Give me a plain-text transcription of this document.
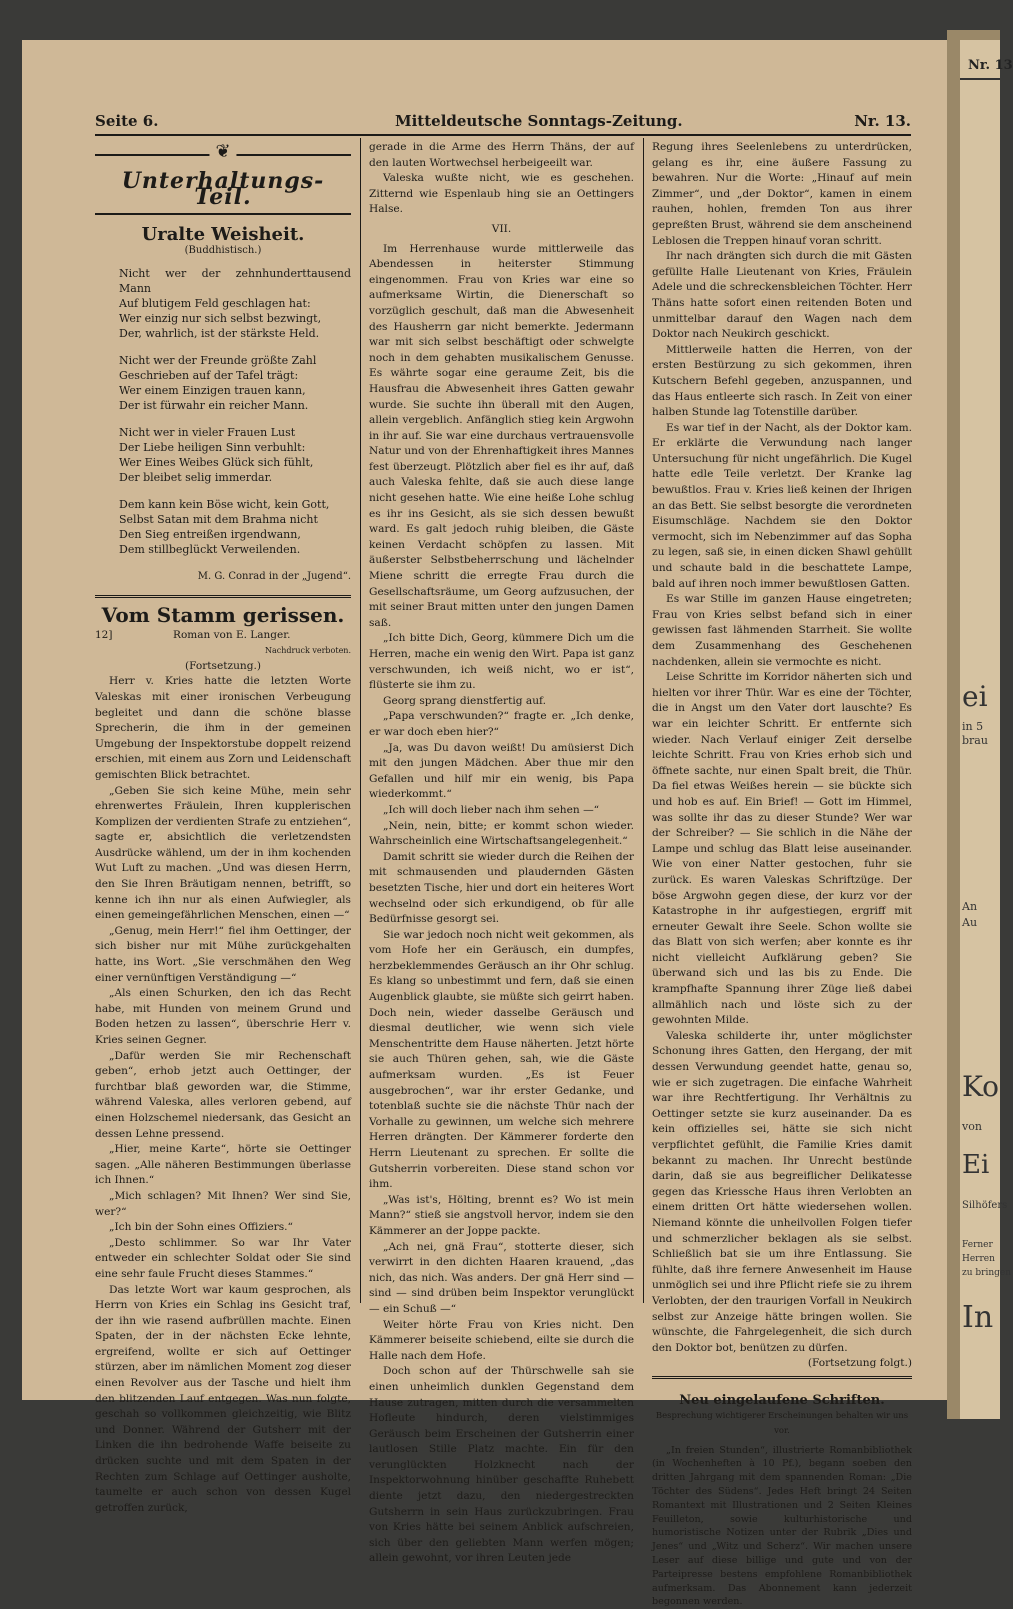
Nr. 13
ei
in 5
brau
An
Au
Ko
von
Ei
Silhöfers
Ferner
Herren
zu bringen
In
Seite 6.	Mitteldeutsche Sonntags-Zeitung.	Nr. 13.
❦
Unterhaltungs-Teil.
Uralte Weisheit.
(Buddhistisch.)
Nicht wer der zehnhunderttausend Mann
Auf blutigem Feld geschlagen hat:
Wer einzig nur sich selbst bezwingt,
Der, wahrlich, ist der stärkste Held.
Nicht wer der Freunde größte Zahl
Geschrieben auf der Tafel trägt:
Wer einem Einzigen trauen kann,
Der ist fürwahr ein reicher Mann.
Nicht wer in vieler Frauen Lust
Der Liebe heiligen Sinn verbuhlt:
Wer Eines Weibes Glück sich fühlt,
Der bleibet selig immerdar.
Dem kann kein Böse wicht, kein Gott,
Selbst Satan mit dem Brahma nicht
Den Sieg entreißen irgendwann,
Dem stillbeglückt Verweilenden.
M. G. Conrad in der „Jugend“.
Vom Stamm gerissen.
12]	Roman von E. Langer.
Nachdruck verboten.
(Fortsetzung.)

Herr v. Kries hatte die letzten Worte Valeskas mit einer ironischen Verbeugung begleitet und dann die schöne blasse Sprecherin, die ihm in der gemeinen Umgebung der Inspektorstube doppelt reizend erschien, mit einem aus Zorn und Leidenschaft gemischten Blick betrachtet.

„Geben Sie sich keine Mühe, mein sehr ehrenwertes Fräulein, Ihren kupplerischen Komplizen der verdienten Strafe zu entziehen“, sagte er, absichtlich die verletzendsten Ausdrücke wählend, um der in ihm kochenden Wut Luft zu machen. „Und was diesen Herrn, den Sie Ihren Bräutigam nennen, betrifft, so kenne ich ihn nur als einen Aufwiegler, als einen gemeingefährlichen Menschen, einen —“

„Genug, mein Herr!“ fiel ihm Oettinger, der sich bisher nur mit Mühe zurückgehalten hatte, ins Wort. „Sie verschmähen den Weg einer vernünftigen Verständigung —“

„Als einen Schurken, den ich das Recht habe, mit Hunden von meinem Grund und Boden hetzen zu lassen“, überschrie Herr v. Kries seinen Gegner.

„Dafür werden Sie mir Rechenschaft geben“, erhob jetzt auch Oettinger, der furchtbar blaß geworden war, die Stimme, während Valeska, alles verloren gebend, auf einen Holzschemel niedersank, das Gesicht an dessen Lehne pressend.

„Hier, meine Karte“, hörte sie Oettinger sagen. „Alle näheren Bestimmungen überlasse ich Ihnen.“

„Mich schlagen? Mit Ihnen? Wer sind Sie, wer?“

„Ich bin der Sohn eines Offiziers.“

„Desto schlimmer. So war Ihr Vater entweder ein schlechter Soldat oder Sie sind eine sehr faule Frucht dieses Stammes.“

Das letzte Wort war kaum gesprochen, als Herrn von Kries ein Schlag ins Gesicht traf, der ihn wie rasend aufbrüllen machte. Einen Spaten, der in der nächsten Ecke lehnte, ergreifend, wollte er sich auf Oettinger stürzen, aber im nämlichen Moment zog dieser einen Revolver aus der Tasche und hielt ihm den blitzenden Lauf entgegen. Was nun folgte, geschah so vollkommen gleichzeitig, wie Blitz und Donner. Während der Gutsherr mit der Linken die ihn bedrohende Waffe beiseite zu drücken suchte und mit dem Spaten in der Rechten zum Schlage auf Oettinger ausholte, taumelte er auch schon von dessen Kugel getroffen zurück,

gerade in die Arme des Herrn Thäns, der auf den lauten Wortwechsel herbeigeeilt war.

Valeska wußte nicht, wie es geschehen. Zitternd wie Espenlaub hing sie an Oettingers Halse.

VII.

Im Herrenhause wurde mittlerweile das Abendessen in heiterster Stimmung eingenommen. Frau von Kries war eine so aufmerksame Wirtin, die Dienerschaft so vorzüglich geschult, daß man die Abwesenheit des Hausherrn gar nicht bemerkte. Jedermann war mit sich selbst beschäftigt oder schwelgte noch in dem gehabten musikalischem Genusse. Es währte sogar eine geraume Zeit, bis die Hausfrau die Abwesenheit ihres Gatten gewahr wurde. Sie suchte ihn überall mit den Augen, allein vergeblich. Anfänglich stieg kein Argwohn in ihr auf. Sie war eine durchaus vertrauensvolle Natur und von der Ehrenhaftigkeit ihres Mannes fest überzeugt. Plötzlich aber fiel es ihr auf, daß auch Valeska fehlte, daß sie auch diese lange nicht gesehen hatte. Wie eine heiße Lohe schlug es ihr ins Gesicht, als sie sich dessen bewußt ward. Es galt jedoch ruhig bleiben, die Gäste keinen Verdacht schöpfen zu lassen. Mit äußerster Selbstbeherrschung und lächelnder Miene schritt die erregte Frau durch die Gesellschaftsräume, um Georg aufzusuchen, der mit seiner Braut mitten unter den jungen Damen saß.

„Ich bitte Dich, Georg, kümmere Dich um die Herren, mache ein wenig den Wirt. Papa ist ganz verschwunden, ich weiß nicht, wo er ist“, flüsterte sie ihm zu.

Georg sprang dienstfertig auf.

„Papa verschwunden?“ fragte er. „Ich denke, er war doch eben hier?“

„Ja, was Du davon weißt! Du amüsierst Dich mit den jungen Mädchen. Aber thue mir den Gefallen und hilf mir ein wenig, bis Papa wiederkommt.“

„Ich will doch lieber nach ihm sehen —“

„Nein, nein, bitte; er kommt schon wieder. Wahrscheinlich eine Wirtschaftsangelegenheit.“

Damit schritt sie wieder durch die Reihen der mit schmausenden und plaudernden Gästen besetzten Tische, hier und dort ein heiteres Wort wechselnd oder sich erkundigend, ob für alle Bedürfnisse gesorgt sei.

Sie war jedoch noch nicht weit gekommen, als vom Hofe her ein Geräusch, ein dumpfes, herzbeklemmendes Geräusch an ihr Ohr schlug. Es klang so unbestimmt und fern, daß sie einen Augenblick glaubte, sie müßte sich geirrt haben. Doch nein, wieder dasselbe Geräusch und diesmal deutlicher, wie wenn sich viele Menschentritte dem Hause näherten. Jetzt hörte sie auch Thüren gehen, sah, wie die Gäste aufmerksam wurden. „Es ist Feuer ausgebrochen“, war ihr erster Gedanke, und totenblaß suchte sie die nächste Thür nach der Vorhalle zu gewinnen, um welche sich mehrere Herren drängten. Der Kämmerer forderte den Herrn Lieutenant zu sprechen. Er sollte die Gutsherrin vorbereiten. Diese stand schon vor ihm.

„Was ist's, Hölting, brennt es? Wo ist mein Mann?“ stieß sie angstvoll hervor, indem sie den Kämmerer an der Joppe packte.

„Ach nei, gnä Frau“, stotterte dieser, sich verwirrt in den dichten Haaren krauend, „das nich, das nich. Was anders. Der gnä Herr sind — sind — sind drüben beim Inspektor verunglückt — ein Schuß —“

Weiter hörte Frau von Kries nicht. Den Kämmerer beiseite schiebend, eilte sie durch die Halle nach dem Hofe.

Doch schon auf der Thürschwelle sah sie einen unheimlich dunklen Gegenstand dem Hause zutragen, mitten durch die versammelten Hofleute hindurch, deren vielstimmiges Geräusch beim Erscheinen der Gutsherrin einer lautlosen Stille Platz machte. Ein für den verunglückten Holzknecht nach der Inspektorwohnung hinüber geschaffte Ruhebett diente jetzt dazu, den niedergestreckten Gutsherrn in sein Haus zurückzubringen. Frau von Kries hätte bei seinem Anblick aufschreien, sich über den geliebten Mann werfen mögen; allein gewohnt, vor ihren Leuten jede

Regung ihres Seelenlebens zu unterdrücken, gelang es ihr, eine äußere Fassung zu bewahren. Nur die Worte: „Hinauf auf mein Zimmer“, und „der Doktor“, kamen in einem rauhen, hohlen, fremden Ton aus ihrer gepreßten Brust, während sie dem anscheinend Leblosen die Treppen hinauf voran schritt.

Ihr nach drängten sich durch die mit Gästen gefüllte Halle Lieutenant von Kries, Fräulein Adele und die schreckensbleichen Töchter. Herr Thäns hatte sofort einen reitenden Boten und unmittelbar darauf den Wagen nach dem Doktor nach Neukirch geschickt.

Mittlerweile hatten die Herren, von der ersten Bestürzung zu sich gekommen, ihren Kutschern Befehl gegeben, anzuspannen, und das Haus entleerte sich rasch. In Zeit von einer halben Stunde lag Totenstille darüber.

Es war tief in der Nacht, als der Doktor kam. Er erklärte die Verwundung nach langer Untersuchung für nicht ungefährlich. Die Kugel hatte edle Teile verletzt. Der Kranke lag bewußtlos. Frau v. Kries ließ keinen der Ihrigen an das Bett. Sie selbst besorgte die verordneten Eisumschläge. Nachdem sie den Doktor vermocht, sich im Nebenzimmer auf das Sopha zu legen, saß sie, in einen dicken Shawl gehüllt und schaute bald in die beschattete Lampe, bald auf ihren noch immer bewußtlosen Gatten.

Es war Stille im ganzen Hause eingetreten; Frau von Kries selbst befand sich in einer gewissen fast lähmenden Starrheit. Sie wollte dem Zusammenhang des Geschehenen nachdenken, allein sie vermochte es nicht.

Leise Schritte im Korridor näherten sich und hielten vor ihrer Thür. War es eine der Töchter, die in Angst um den Vater dort lauschte? Es war ein leichter Schritt. Er entfernte sich wieder. Nach Verlauf einiger Zeit derselbe leichte Schritt. Frau von Kries erhob sich und öffnete sachte, nur einen Spalt breit, die Thür. Da fiel etwas Weißes herein — sie bückte sich und hob es auf. Ein Brief! — Gott im Himmel, was sollte ihr das zu dieser Stunde? Wer war der Schreiber? — Sie schlich in die Nähe der Lampe und schlug das Blatt leise auseinander. Wie von einer Natter gestochen, fuhr sie zurück. Es waren Valeskas Schriftzüge. Der böse Argwohn gegen diese, der kurz vor der Katastrophe in ihr aufgestiegen, ergriff mit erneuter Gewalt ihre Seele. Schon wollte sie das Blatt von sich werfen; aber konnte es ihr nicht vielleicht Aufklärung geben? Sie überwand sich und las bis zu Ende. Die krampfhafte Spannung ihrer Züge ließ dabei allmählich nach und löste sich zu der gewohnten Milde.

Valeska schilderte ihr, unter möglichster Schonung ihres Gatten, den Hergang, der mit dessen Verwundung geendet hatte, genau so, wie er sich zugetragen. Die einfache Wahrheit war ihre Rechtfertigung. Ihr Verhältnis zu Oettinger setzte sie kurz auseinander. Da es kein offizielles sei, hätte sie sich nicht verpflichtet gefühlt, die Familie Kries damit bekannt zu machen. Ihr Unrecht bestünde darin, daß sie aus begreiflicher Delikatesse gegen das Kriessche Haus ihren Verlobten an einem dritten Ort hätte wiedersehen wollen. Niemand könnte die unheilvollen Folgen tiefer und schmerzlicher beklagen als sie selbst. Schließlich bat sie um ihre Entlassung. Sie fühlte, daß ihre fernere Anwesenheit im Hause unmöglich sei und ihre Pflicht riefe sie zu ihrem Verlobten, der den traurigen Vorfall in Neukirch selbst zur Anzeige hätte bringen wollen. Sie wünschte, die Fahrgelegenheit, die sich durch den Doktor bot, benützen zu dürfen.

(Fortsetzung folgt.)
Neu eingelaufene Schriften.
Besprechung wichtigerer Erscheinungen behalten wir uns vor.

„In freien Stunden“, illustrierte Romanbibliothek (in Wochenheften à 10 Pf.), begann soeben den dritten Jahrgang mit dem spannenden Roman: „Die Töchter des Südens“. Jedes Heft bringt 24 Seiten Romantext mit Illustrationen und 2 Seiten Kleines Feuilleton, sowie kulturhistorische und humoristische Notizen unter der Rubrik „Dies und Jenes“ und „Witz und Scherz“. Wir machen unsere Leser auf diese billige und gute und von der Parteipresse bestens empfohlene Romanbibliothek aufmerksam. Das Abonnement kann jederzeit begonnen werden.
